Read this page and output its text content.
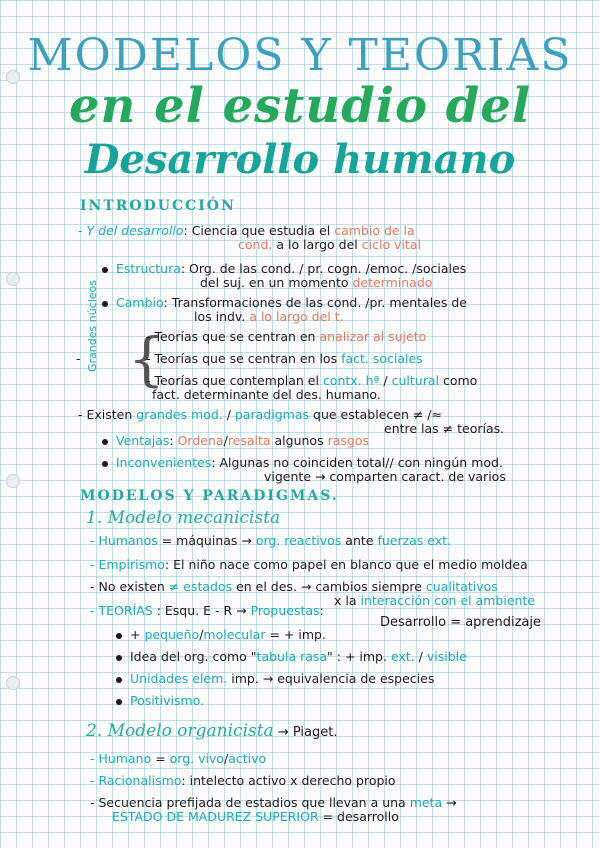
MODELOS Y TEORIAS
en el estudio del
Desarrollo humano
INTRODUCCIÓN
- Y del desarrollo: Ciencia que estudia el cambio de la
cond. a lo largo del ciclo vital
Estructura: Org. de las cond. / pr. cogn. /emoc. /sociales
del suj. en un momento determinado
Cambio: Transformaciones de las cond. /pr. mentales de
los indv. a lo largo del t.
- Grandes núcleos {
- Teorías que se centran en analizar al sujeto
- Teorías que se centran en los fact. sociales
- Teorías que contemplan el contx. hª / cultural como
fact. determinante del des. humano.
- Existen grandes mod. / paradigmas que establecen ≠ /≈
entre las ≠ teorías.
Ventajas: Ordena/resalta algunos rasgos
Inconvenientes: Algunas no coinciden total// con ningún mod.
vigente → comparten caract. de varios
MODELOS Y PARADIGMAS.
1. Modelo mecanicista
- Humanos = máquinas → org. reactivos ante fuerzas ext.
- Empirismo: El niño nace como papel en blanco que el medio moldea
- No existen ≠ estados en el des. → cambios siempre cualitativos
x la interacción con el ambiente
- TEORÍAS : Esqu. E - R → Propuestas:
Desarrollo = aprendizaje
+ pequeño/molecular = + imp.
Idea del org. como "tabula rasa" : + imp. ext. / visible
Unidades elem. imp. → equivalencia de especies
Positivismo.
2. Modelo organicista → Piaget.
- Humano = org. vivo/activo
- Racionalismo: intelecto activo x derecho propio
- Secuencia prefijada de estadios que llevan a una meta →
ESTADO DE MADUREZ SUPERIOR = desarrollo
